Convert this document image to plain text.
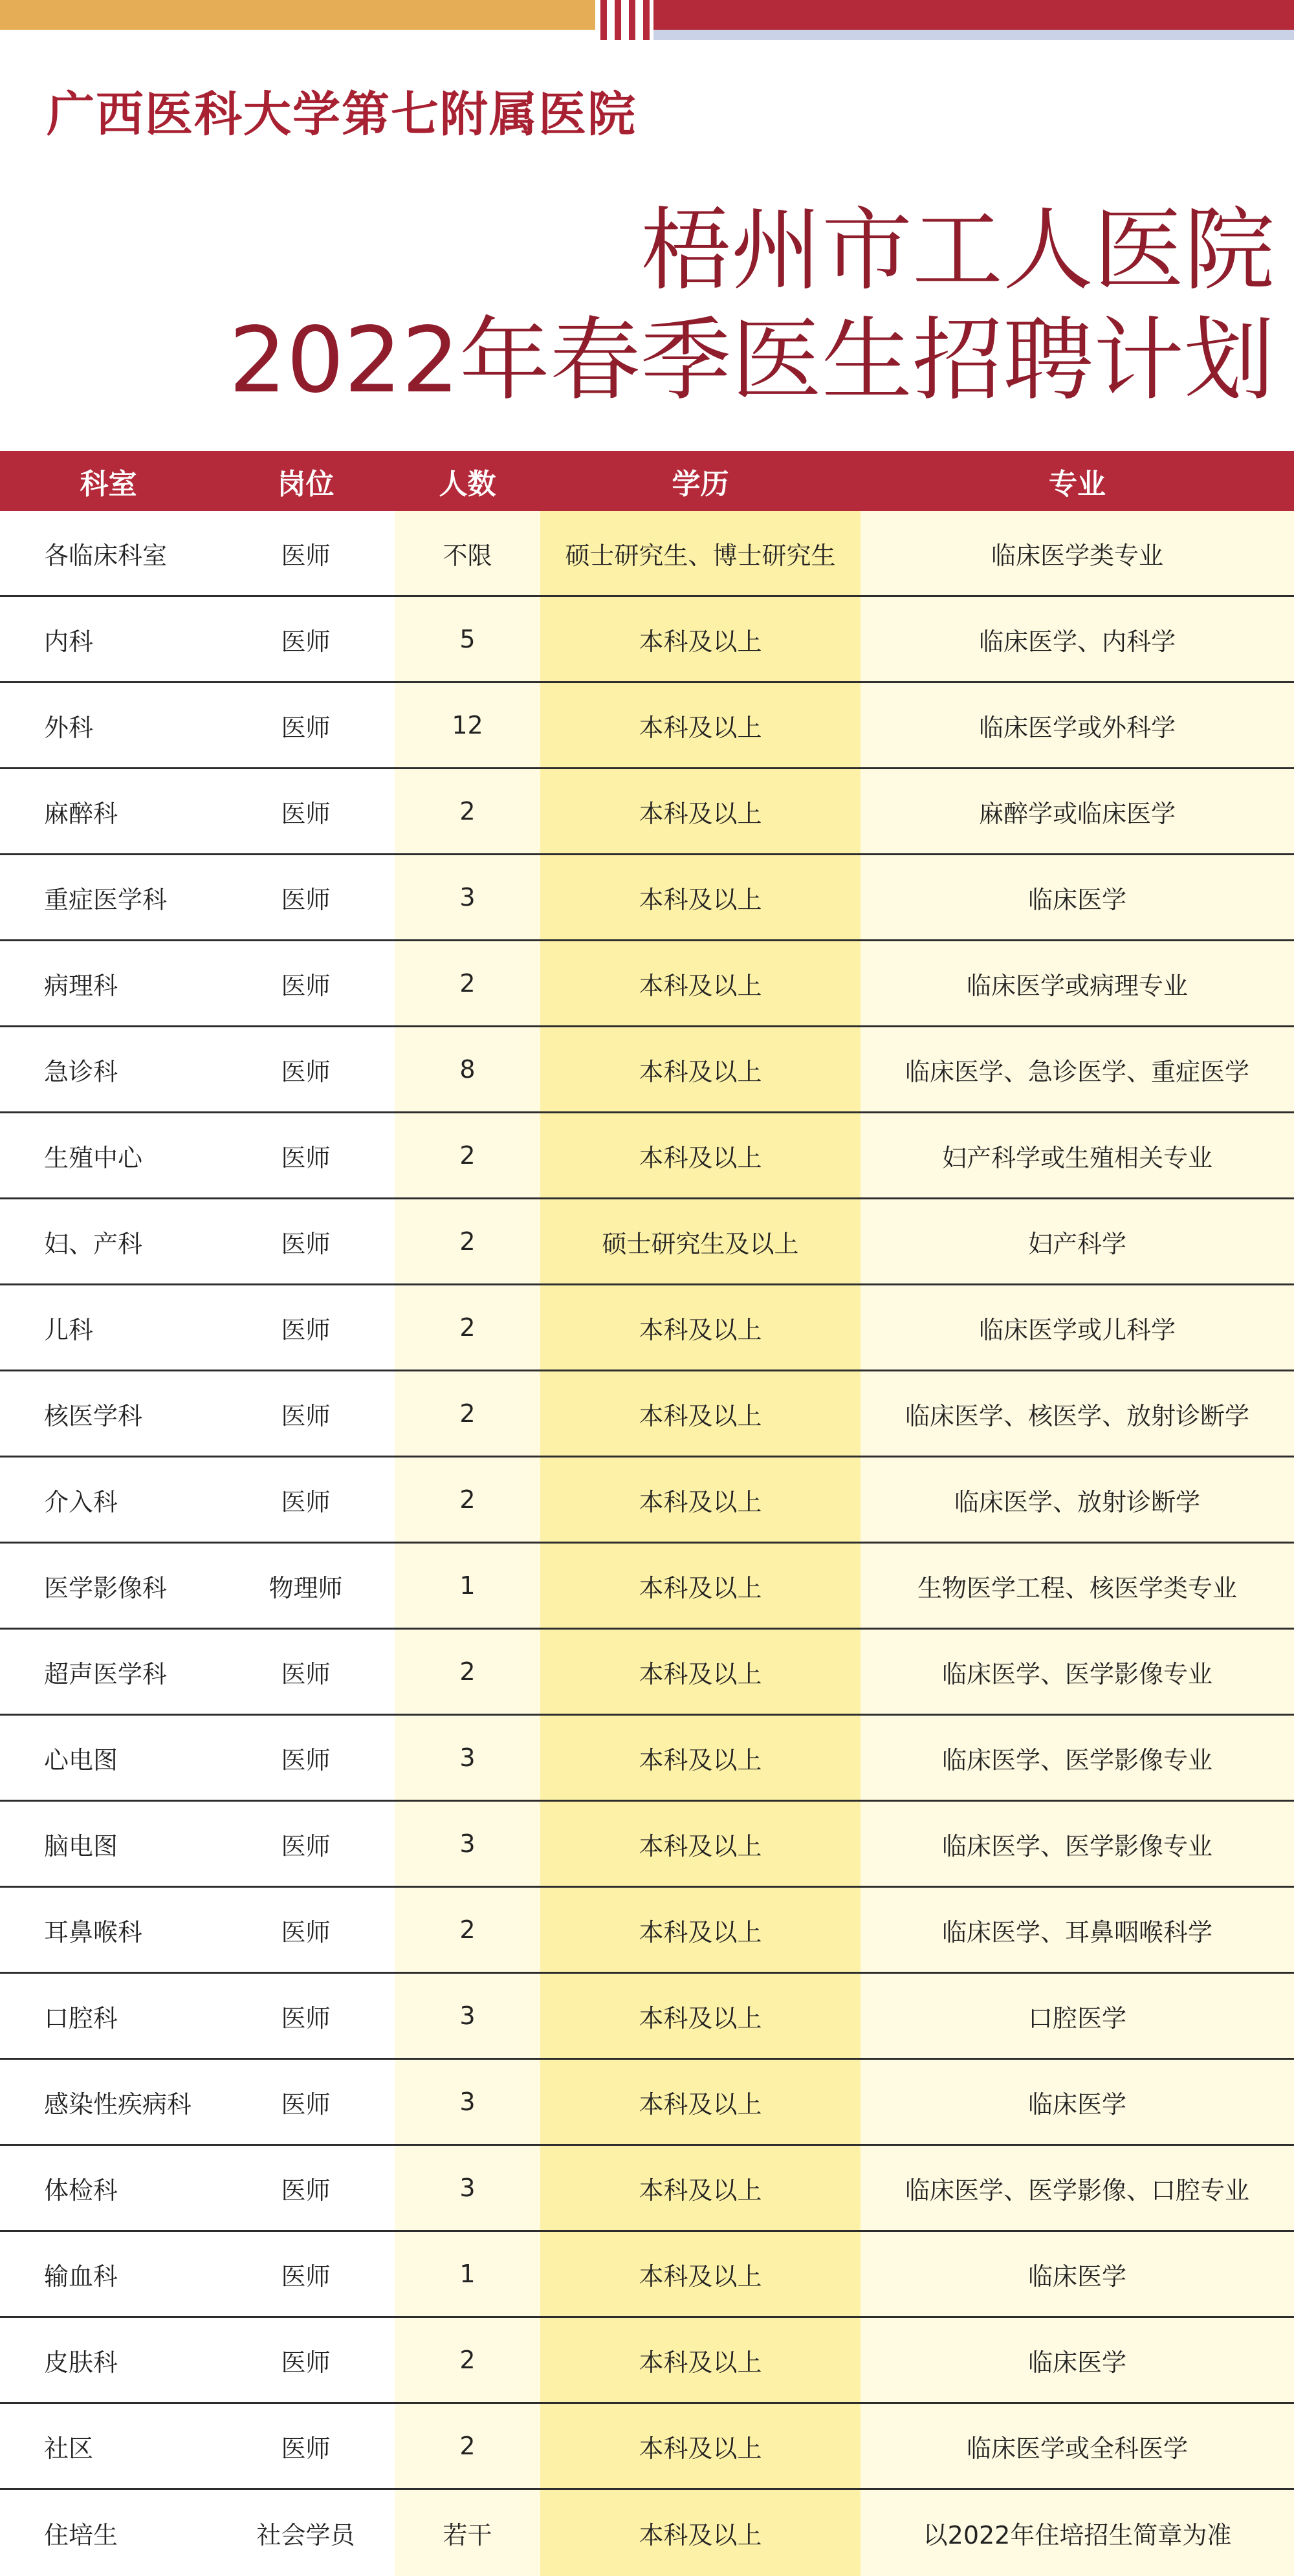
广西医科大学第七附属医院
梧州市工人医院
2022年春季医生招聘计划
科室	岗位	人数	学历	专业
各临床科室	医师	不限	硕士研究生、博士研究生	临床医学类专业
内科	医师	5	本科及以上	临床医学、内科学
外科	医师	12	本科及以上	临床医学或外科学
麻醉科	医师	2	本科及以上	麻醉学或临床医学
重症医学科	医师	3	本科及以上	临床医学
病理科	医师	2	本科及以上	临床医学或病理专业
急诊科	医师	8	本科及以上	临床医学、急诊医学、重症医学
生殖中心	医师	2	本科及以上	妇产科学或生殖相关专业
妇、产科	医师	2	硕士研究生及以上	妇产科学
儿科	医师	2	本科及以上	临床医学或儿科学
核医学科	医师	2	本科及以上	临床医学、核医学、放射诊断学
介入科	医师	2	本科及以上	临床医学、放射诊断学
医学影像科	物理师	1	本科及以上	生物医学工程、核医学类专业
超声医学科	医师	2	本科及以上	临床医学、医学影像专业
心电图	医师	3	本科及以上	临床医学、医学影像专业
脑电图	医师	3	本科及以上	临床医学、医学影像专业
耳鼻喉科	医师	2	本科及以上	临床医学、耳鼻咽喉科学
口腔科	医师	3	本科及以上	口腔医学
感染性疾病科	医师	3	本科及以上	临床医学
体检科	医师	3	本科及以上	临床医学、医学影像、口腔专业
输血科	医师	1	本科及以上	临床医学
皮肤科	医师	2	本科及以上	临床医学
社区	医师	2	本科及以上	临床医学或全科医学
住培生	社会学员	若干	本科及以上	以2022年住培招生简章为准
